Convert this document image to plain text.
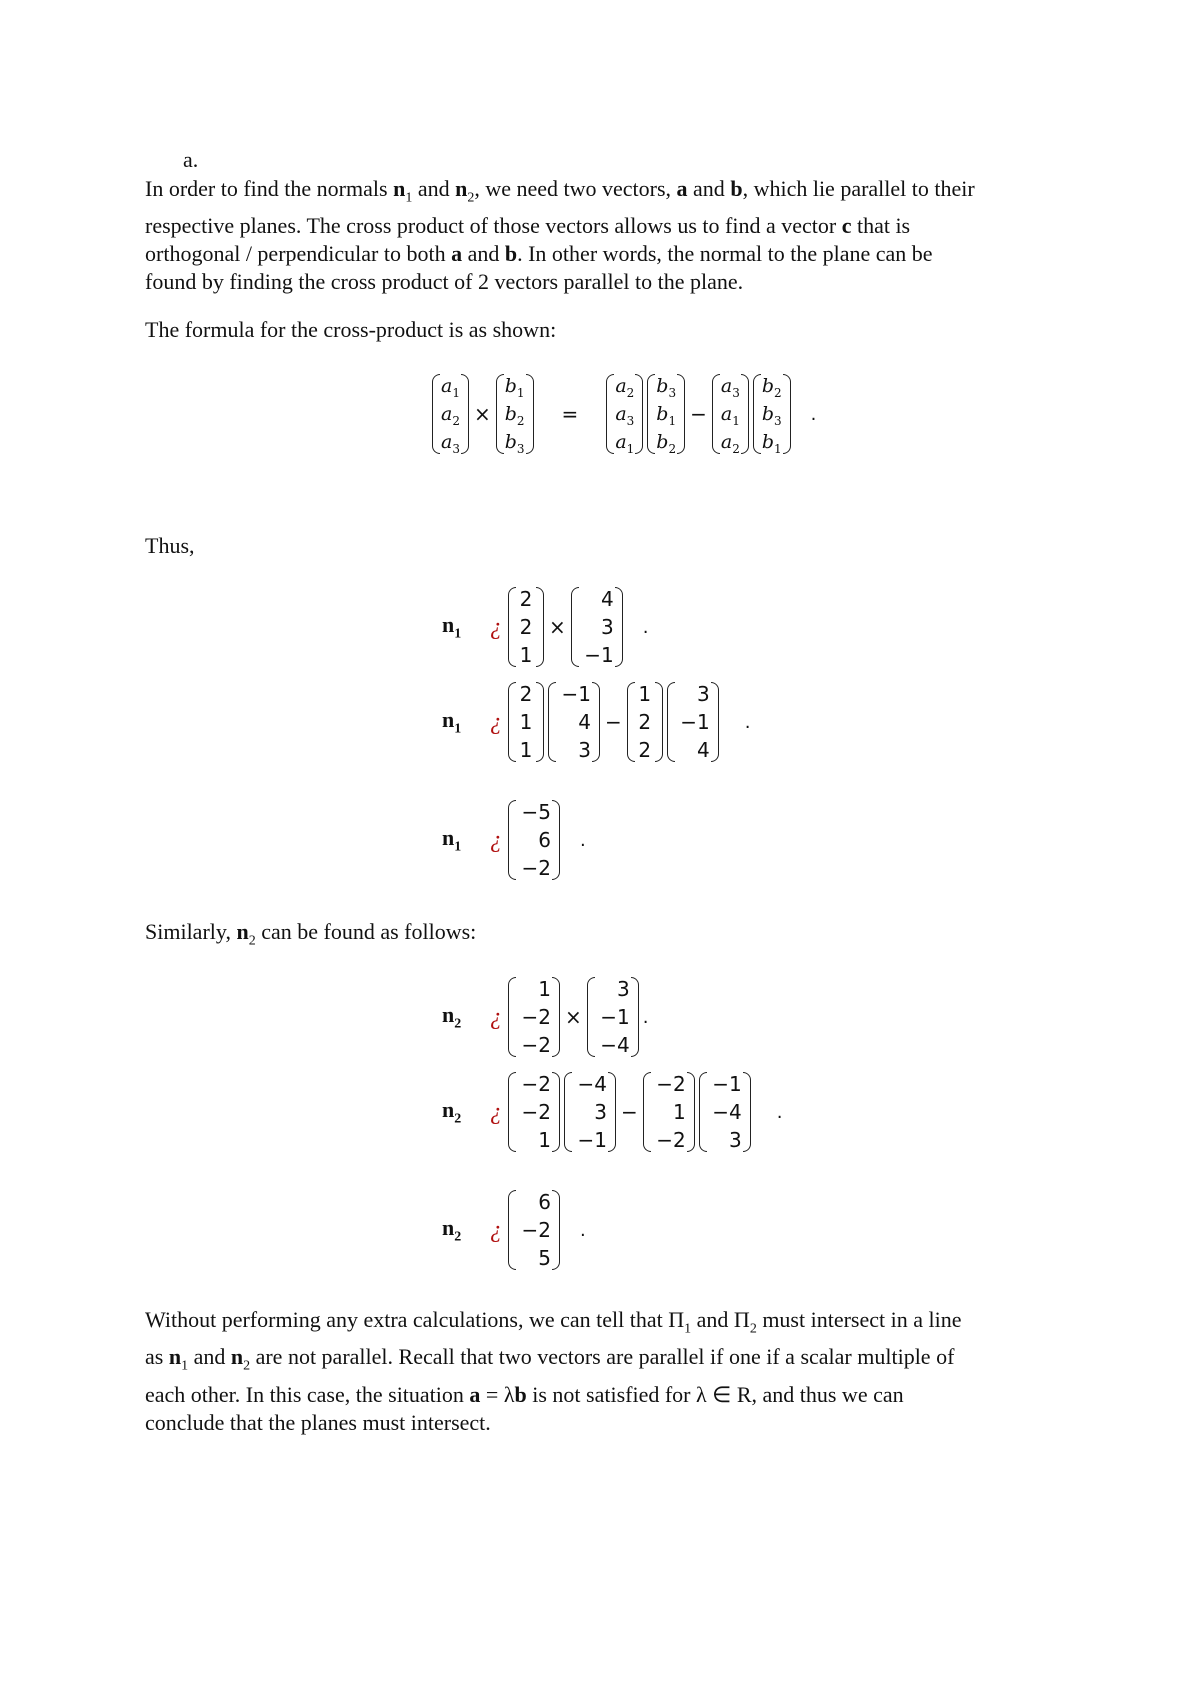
a.
In order to find the normals $n_1$ and $n_2$, we need two vectors, a and b, which lie parallel to their
respective planes. The cross product of those vectors allows us to find a vector c that is
orthogonal / perpendicular to both a and b. In other words, the normal to the plane can be
found by finding the cross product of 2 vectors parallel to the plane.
The formula for the cross-product is as shown:
$a_1$
$a_2$
$a_3$
×
$b_1$
$b_2$
$b_3$
=
$a_2$
$a_3$
$a_1$
$b_3$
$b_1$
$b_2$
−
$a_3$
$a_1$
$a_2$
$b_2$
$b_3$
$b_1$
.
Thus,
$n_1$	¿
2
2
1
×
4
3
−1
.
$n_1$	¿
2
1
1
−1
4
3
−
1
2
2
3
−1
4
.
$n_1$	¿
−5
6
−2
.
Similarly, $n_2$ can be found as follows:
$n_2$	¿
1
−2
−2
×
3
−1
−4
.
$n_2$	¿
−2
−2
1
−4
3
−1
−
−2
1
−2
−1
−4
3
.
$n_2$	¿
6
−2
5
.
Without performing any extra calculations, we can tell that $\Pi_1$ and $\Pi_2$ must intersect in a line
as $n_1$ and $n_2$ are not parallel. Recall that two vectors are parallel if one if a scalar multiple of
each other. In this case, the situation a = λb is not satisfied for λ ∈ R, and thus we can
conclude that the planes must intersect.
